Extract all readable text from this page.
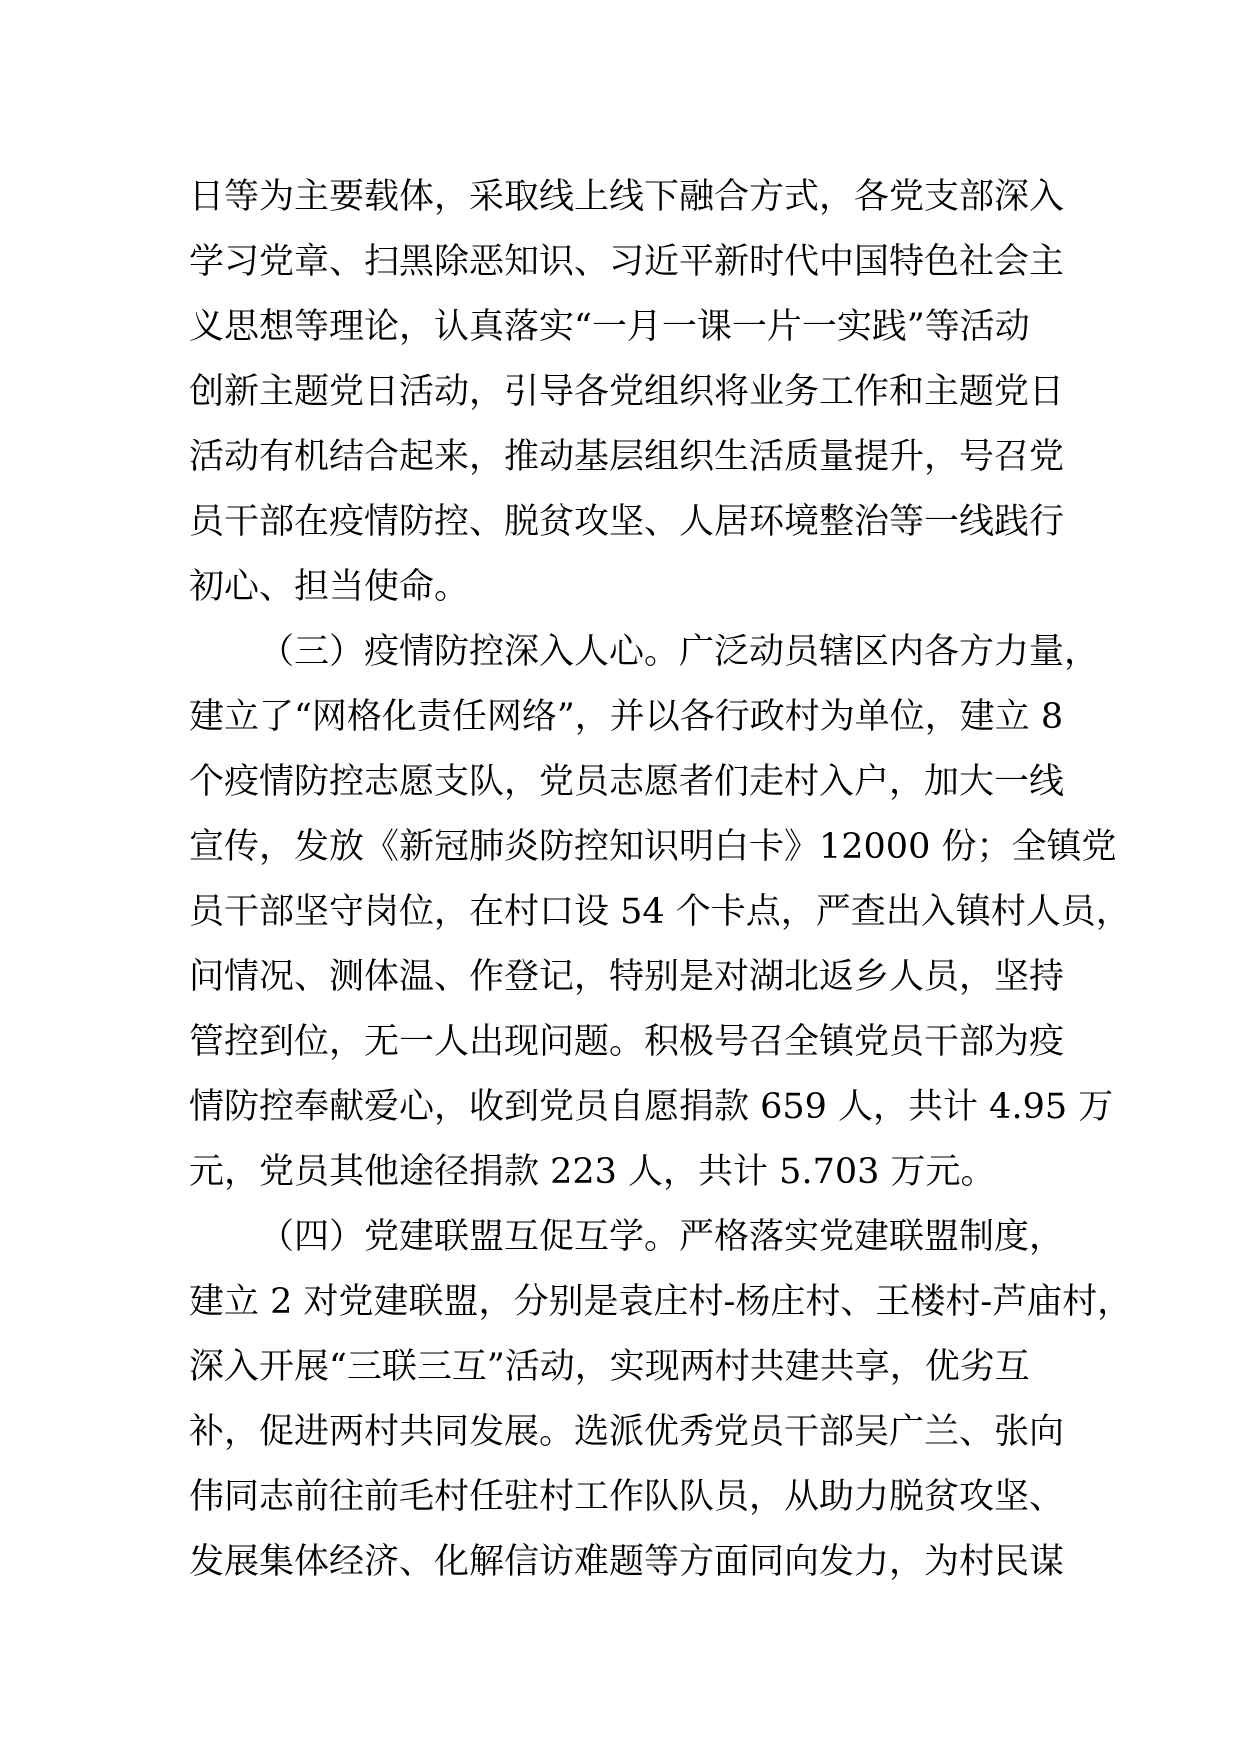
日等为主要载体，采取线上线下融合方式，各党支部深入
学习党章、扫黑除恶知识、习近平新时代中国特色社会主
义思想等理论，认真落实“一月一课一片一实践”等活动
创新主题党日活动，引导各党组织将业务工作和主题党日
活动有机结合起来，推动基层组织生活质量提升，号召党
员干部在疫情防控、脱贫攻坚、人居环境整治等一线践行
初心、担当使命。
（三）疫情防控深入人心。广泛动员辖区内各方力量，
建立了“网格化责任网络”，并以各行政村为单位，建立 8
个疫情防控志愿支队，党员志愿者们走村入户，加大一线
宣传，发放《新冠肺炎防控知识明白卡》12000 份；全镇党
员干部坚守岗位，在村口设 54 个卡点，严查出入镇村人员，
问情况、测体温、作登记，特别是对湖北返乡人员，坚持
管控到位，无一人出现问题。积极号召全镇党员干部为疫
情防控奉献爱心，收到党员自愿捐款 659 人，共计 4.95 万
元，党员其他途径捐款 223 人，共计 5.703 万元。
（四）党建联盟互促互学。严格落实党建联盟制度，
建立 2 对党建联盟，分别是袁庄村-杨庄村、王楼村-芦庙村，
深入开展“三联三互”活动，实现两村共建共享，优劣互
补，促进两村共同发展。选派优秀党员干部吴广兰、张向
伟同志前往前毛村任驻村工作队队员，从助力脱贫攻坚、
发展集体经济、化解信访难题等方面同向发力，为村民谋
